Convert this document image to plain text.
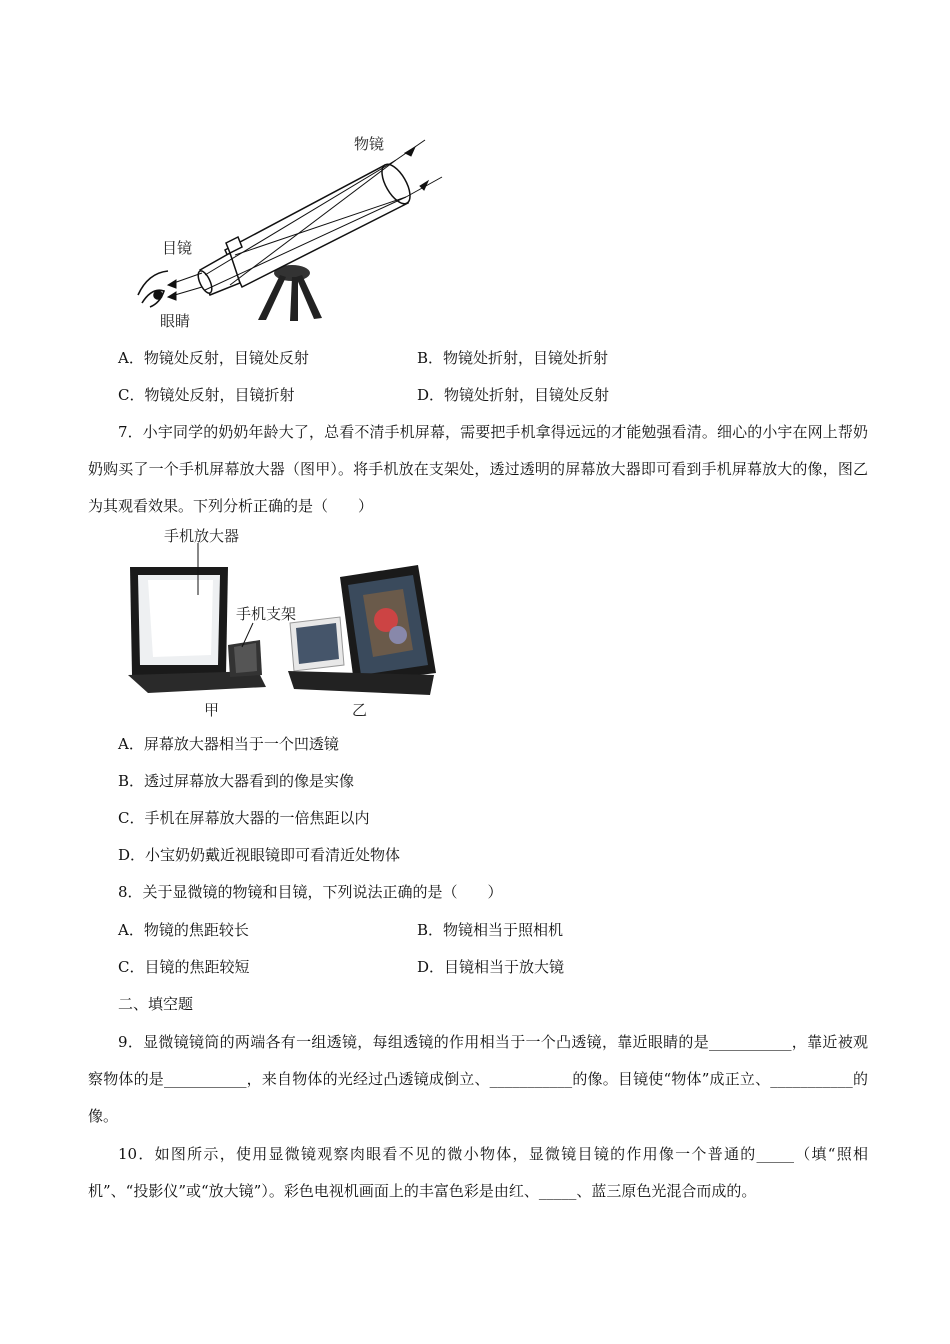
物镜
目镜
眼睛
A．物镜处反射，目镜处反射	B．物镜处折射，目镜处折射
C．物镜处反射，目镜折射	D．物镜处折射，目镜处反射
7．小宇同学的奶奶年龄大了，总看不清手机屏幕，需要把手机拿得远远的才能勉强看清。细心的小宇在网上帮奶奶购买了一个手机屏幕放大器（图甲）。将手机放在支架处，透过透明的屏幕放大器即可看到手机屏幕放大的像，图乙为其观看效果。下列分析正确的是（　　）
手机放大器
手机支架
甲	乙
A．屏幕放大器相当于一个凹透镜
B．透过屏幕放大器看到的像是实像
C．手机在屏幕放大器的一倍焦距以内
D．小宝奶奶戴近视眼镜即可看清近处物体
8．关于显微镜的物镜和目镜，下列说法正确的是（　　）
A．物镜的焦距较长	B．物镜相当于照相机
C．目镜的焦距较短	D．目镜相当于放大镜
二、填空题
9．显微镜镜筒的两端各有一组透镜，每组透镜的作用相当于一个凸透镜，靠近眼睛的是___________，靠近被观察物体的是___________，来自物体的光经过凸透镜成倒立、___________的像。目镜使“物体”成正立、___________的像。
10．如图所示，使用显微镜观察肉眼看不见的微小物体，显微镜目镜的作用像一个普通的_____（填“照相机”、“投影仪”或“放大镜”）。彩色电视机画面上的丰富色彩是由红、_____、蓝三原色光混合而成的。
